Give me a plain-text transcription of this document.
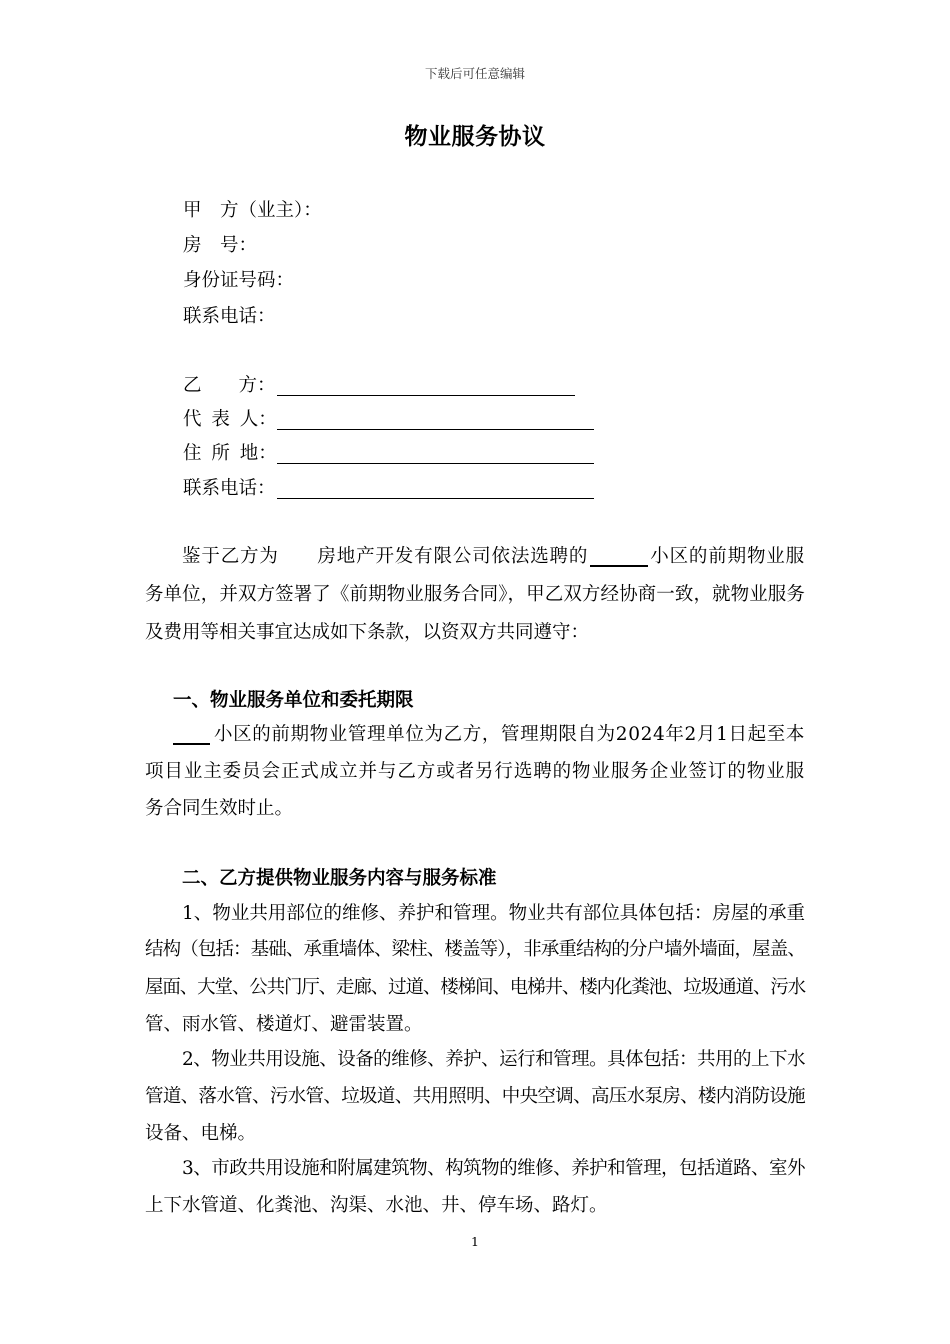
下载后可任意编辑
物业服务协议
甲　方（业主）：
房　号：
身份证号码：
联系电话：
乙　　方：
代 表 人：
住 所 地：
联系电话：
鉴于乙方为　　房地产开发有限公司依法选聘的	小区的前期物业服
务单位，并双方签署了《前期物业服务合同》，甲乙双方经协商一致，就物业服务
及费用等相关事宜达成如下条款，以资双方共同遵守：
一、物业服务单位和委托期限
小区的前期物业管理单位为乙方，管理期限自为2024年2月1日起至本
项目业主委员会正式成立并与乙方或者另行选聘的物业服务企业签订的物业服
务合同生效时止。
二、乙方提供物业服务内容与服务标准
1、物业共用部位的维修、养护和管理。物业共有部位具体包括：房屋的承重
结构（包括：基础、承重墙体、梁柱、楼盖等），非承重结构的分户墙外墙面，屋盖、
屋面、大堂、公共门厅、走廊、过道、楼梯间、电梯井、楼内化粪池、垃圾通道、污水
管、雨水管、楼道灯、避雷装置。
2、物业共用设施、设备的维修、养护、运行和管理。具体包括：共用的上下水
管道、落水管、污水管、垃圾道、共用照明、中央空调、高压水泵房、楼内消防设施
设备、电梯。
3、市政共用设施和附属建筑物、构筑物的维修、养护和管理，包括道路、室外
上下水管道、化粪池、沟渠、水池、井、停车场、路灯。
1
